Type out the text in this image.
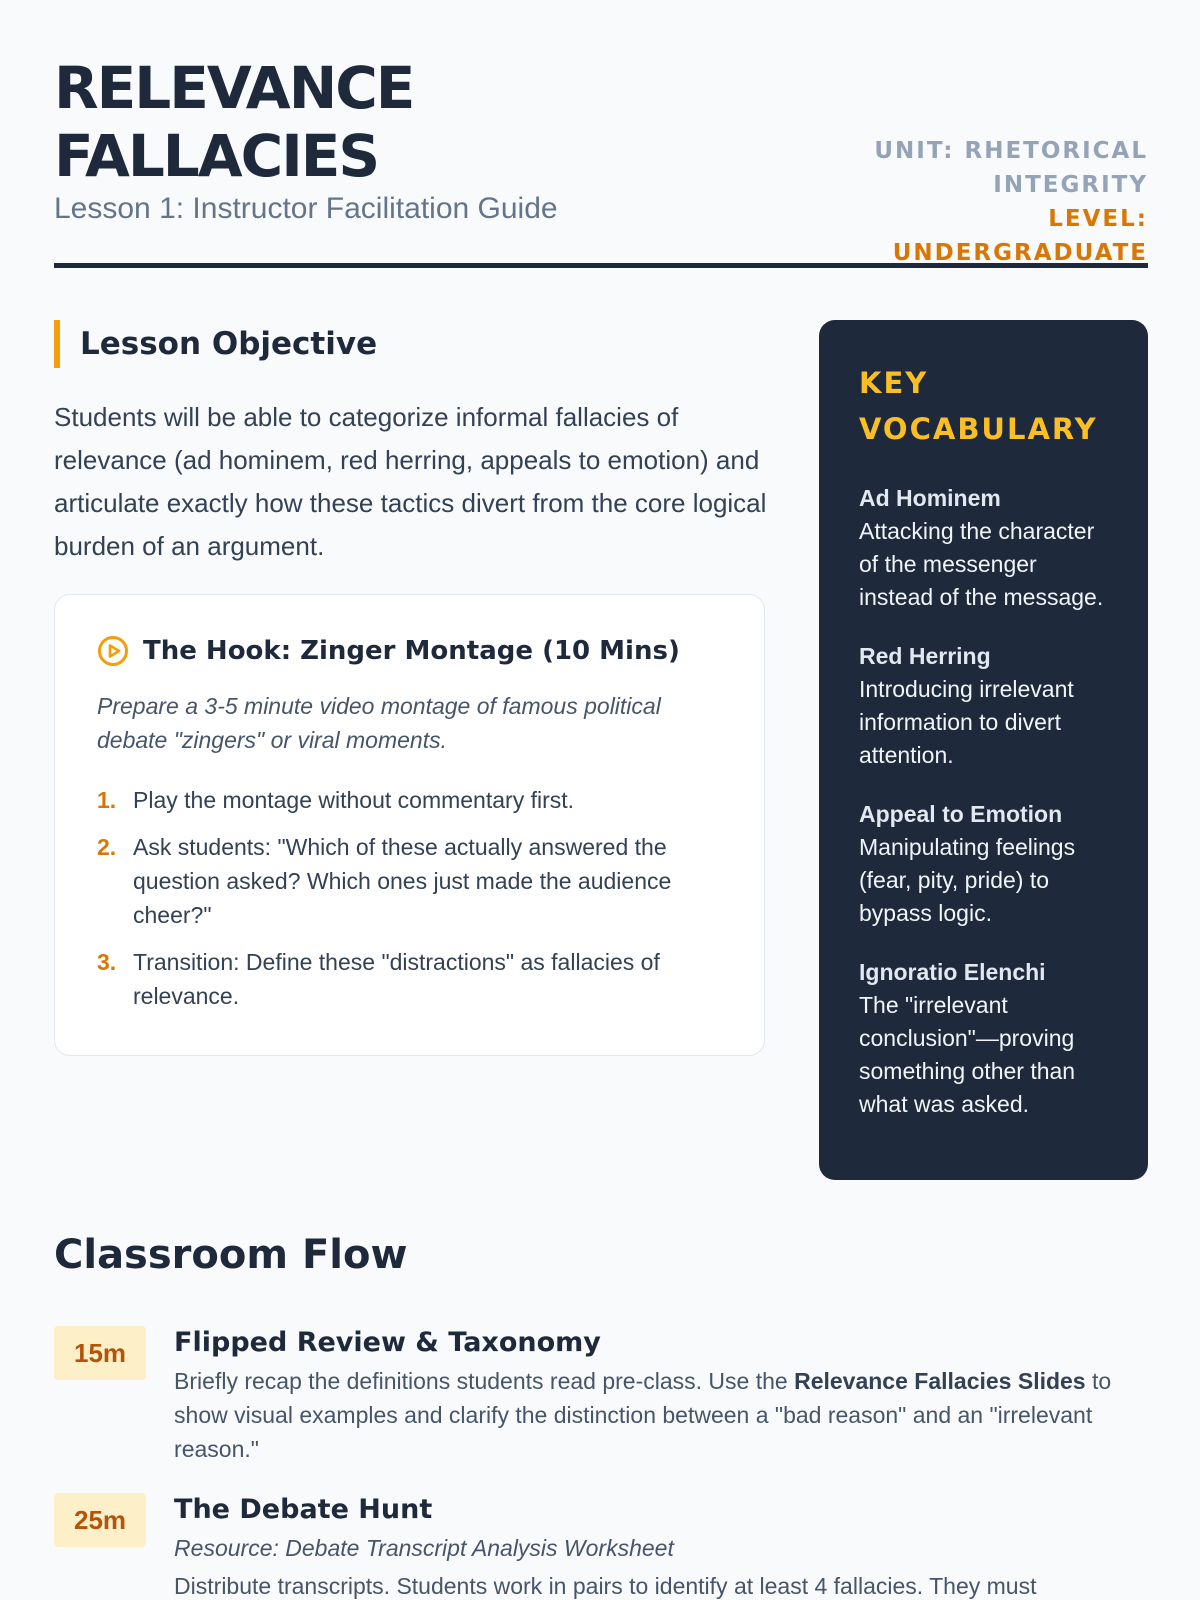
RELEVANCE
FALLACIES
Lesson 1: Instructor Facilitation Guide
UNIT: RHETORICAL INTEGRITY
LEVEL: UNDERGRADUATE
Lesson Objective

Students will be able to categorize informal fallacies of relevance (ad hominem, red herring, appeals to emotion) and articulate exactly how these tactics divert from the core logical burden of an argument.

The Hook: Zinger Montage (10 Mins)

Prepare a 3-5 minute video montage of famous political debate "zingers" or viral moments.

1. Play the montage without commentary first.
2. Ask students: "Which of these actually answered the question asked? Which ones just made the audience cheer?"
3. Transition: Define these "distractions" as fallacies of relevance.
KEY VOCABULARY
Ad Hominem
Attacking the character of the messenger instead of the message.
Red Herring
Introducing irrelevant information to divert attention.
Appeal to Emotion
Manipulating feelings (fear, pity, pride) to bypass logic.
Ignoratio Elenchi
The "irrelevant conclusion"—proving something other than what was asked.
Classroom Flow
15m	Flipped Review & Taxonomy

Briefly recap the definitions students read pre-class. Use the Relevance Fallacies Slides to show visual examples and clarify the distinction between a "bad reason" and an "irrelevant reason."

25m	The Debate Hunt
Resource: Debate Transcript Analysis Worksheet

Distribute transcripts. Students work in pairs to identify at least 4 fallacies. They must
